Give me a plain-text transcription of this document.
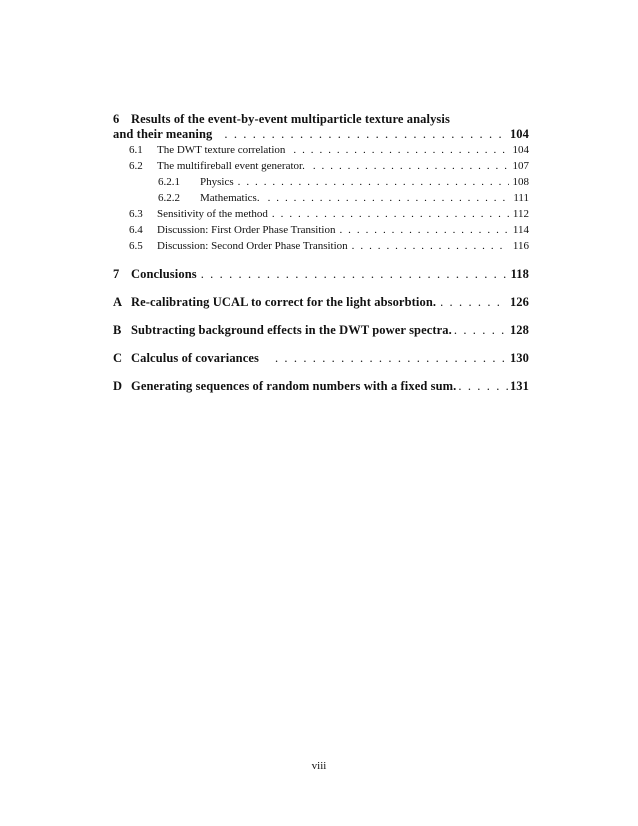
6 Results of the event-by-event multiparticle texture analysis
and their meaning . . .	104
6.1	The DWT texture correlation . . .	104
6.2	The multifireball event generator. . . .	107
6.2.1	Physics . . .	108
6.2.2	Mathematics. . . .	111
6.3	Sensitivity of the method . . .	112
6.4	Discussion: First Order Phase Transition . . .	114
6.5	Discussion: Second Order Phase Transition . . .	116
7 Conclusions . . .	118
A Re-calibrating UCAL to correct for the light absorbtion. . . .	126
B Subtracting background effects in the DWT power spectra. . . .	128
C Calculus of covariances . . .	130
D Generating sequences of random numbers with a fixed sum. . . .	131
viii
